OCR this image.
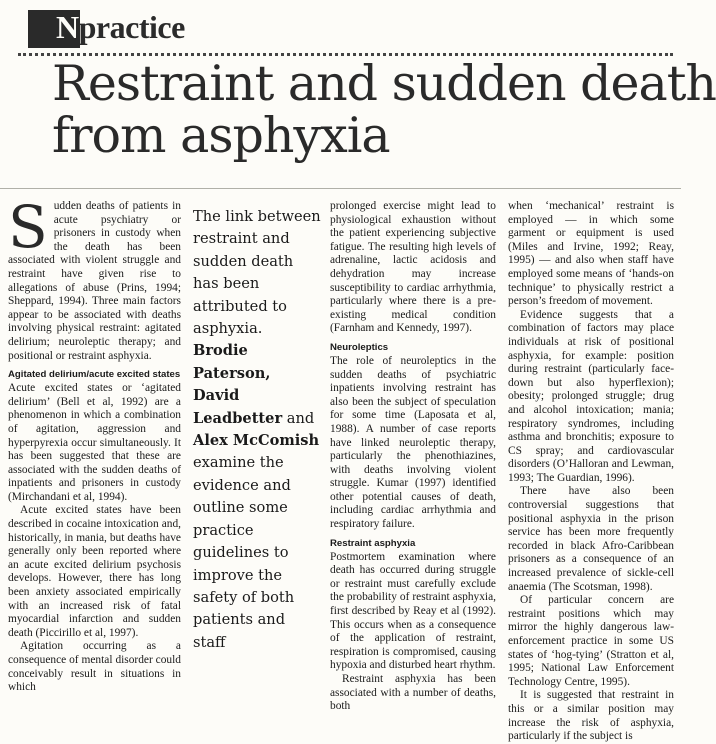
Npractice
Restraint and sudden death
from asphyxia

Sudden deaths of patients in acute psychiatry or prisoners in custody when the death has been associated with violent struggle and restraint have given rise to allegations of abuse (Prins, 1994; Sheppard, 1994). Three main factors appear to be associated with deaths involving physical restraint: agitated delirium; neuroleptic therapy; and positional or restraint asphyxia.

Agitated delirium/acute excited states

Acute excited states or ‘agitated delirium’ (Bell et al, 1992) are a phenomenon in which a combination of agitation, aggression and hyperpyrexia occur simultaneously. It has been suggested that these are associated with the sudden deaths of inpatients and prisoners in custody (Mirchandani et al, 1994).

Acute excited states have been described in cocaine intoxication and, historically, in mania, but deaths have generally only been reported where an acute excited delirium psychosis develops. However, there has long been anxiety associated empirically with an increased risk of fatal myocardial infarction and sudden death (Piccirillo et al, 1997).

Agitation occurring as a consequence of mental disorder could conceivably result in situations in which

The link between restraint and sudden death has been attributed to asphyxia. Brodie Paterson, David Leadbetter and Alex McComish examine the evidence and outline some practice guidelines to improve the safety of both patients and staff

prolonged exercise might lead to physiological exhaustion without the patient experiencing subjective fatigue. The resulting high levels of adrenaline, lactic acidosis and dehydration may increase susceptibility to cardiac arrhythmia, particularly where there is a pre-existing medical condition (Farnham and Kennedy, 1997).

Neuroleptics

The role of neuroleptics in the sudden deaths of psychiatric inpatients involving restraint has also been the subject of speculation for some time (Laposata et al, 1988). A number of case reports have linked neuroleptic therapy, particularly the phenothiazines, with deaths involving violent struggle. Kumar (1997) identified other potential causes of death, including cardiac arrhythmia and respiratory failure.

Restraint asphyxia

Postmortem examination where death has occurred during struggle or restraint must carefully exclude the probability of restraint asphyxia, first described by Reay et al (1992). This occurs when as a consequence of the application of restraint, respiration is compromised, causing hypoxia and disturbed heart rhythm.

Restraint asphyxia has been associated with a number of deaths, both

when ‘mechanical’ restraint is employed — in which some garment or equipment is used (Miles and Irvine, 1992; Reay, 1995) — and also when staff have employed some means of ‘hands-on technique’ to physically restrict a person’s freedom of movement.

Evidence suggests that a combination of factors may place individuals at risk of positional asphyxia, for example: position during restraint (particularly face-down but also hyperflexion); obesity; prolonged struggle; drug and alcohol intoxication; mania; respiratory syndromes, including asthma and bronchitis; exposure to CS spray; and cardiovascular disorders (O’Halloran and Lewman, 1993; The Guardian, 1996).

There have also been controversial suggestions that positional asphyxia in the prison service has been more frequently recorded in black Afro-Caribbean prisoners as a consequence of an increased prevalence of sickle-cell anaemia (The Scotsman, 1998).

Of particular concern are restraint positions which may mirror the highly dangerous law-enforcement practice in some US states of ‘hog-tying’ (Stratton et al, 1995; National Law Enforcement Technology Centre, 1995).

It is suggested that restraint in this or a similar position may increase the risk of asphyxia, particularly if the subject is
